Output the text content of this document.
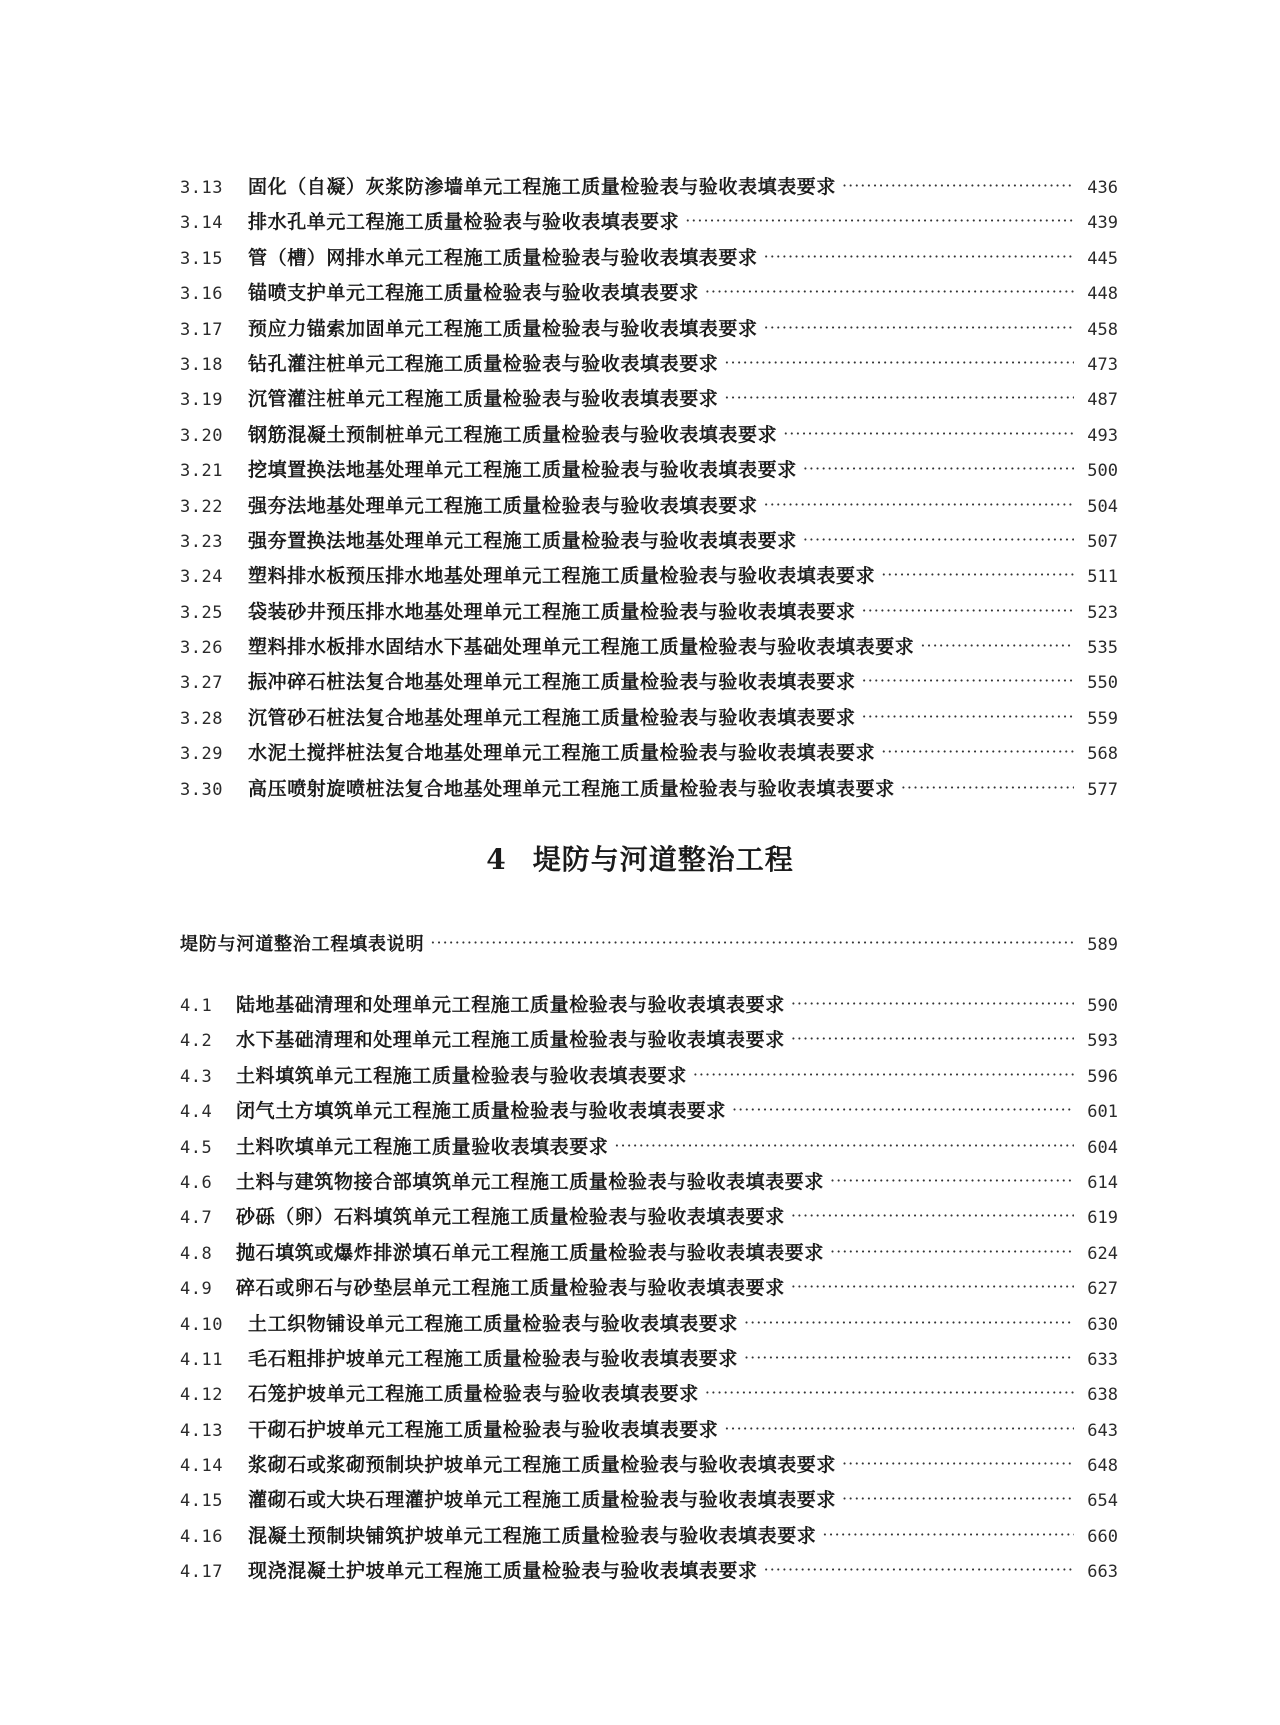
3.13	固化（自凝）灰浆防渗墙单元工程施工质量检验表与验收表填表要求 ·····	436
3.14	排水孔单元工程施工质量检验表与验收表填表要求 ·····	439
3.15	管（槽）网排水单元工程施工质量检验表与验收表填表要求 ·····	445
3.16	锚喷支护单元工程施工质量检验表与验收表填表要求 ·····	448
3.17	预应力锚索加固单元工程施工质量检验表与验收表填表要求 ·····	458
3.18	钻孔灌注桩单元工程施工质量检验表与验收表填表要求 ·····	473
3.19	沉管灌注桩单元工程施工质量检验表与验收表填表要求 ·····	487
3.20	钢筋混凝土预制桩单元工程施工质量检验表与验收表填表要求 ·····	493
3.21	挖填置换法地基处理单元工程施工质量检验表与验收表填表要求 ·····	500
3.22	强夯法地基处理单元工程施工质量检验表与验收表填表要求 ·····	504
3.23	强夯置换法地基处理单元工程施工质量检验表与验收表填表要求 ·····	507
3.24	塑料排水板预压排水地基处理单元工程施工质量检验表与验收表填表要求 ·····	511
3.25	袋装砂井预压排水地基处理单元工程施工质量检验表与验收表填表要求 ·····	523
3.26	塑料排水板排水固结水下基础处理单元工程施工质量检验表与验收表填表要求 ·····	535
3.27	振冲碎石桩法复合地基处理单元工程施工质量检验表与验收表填表要求 ·····	550
3.28	沉管砂石桩法复合地基处理单元工程施工质量检验表与验收表填表要求 ·····	559
3.29	水泥土搅拌桩法复合地基处理单元工程施工质量检验表与验收表填表要求 ·····	568
3.30	高压喷射旋喷桩法复合地基处理单元工程施工质量检验表与验收表填表要求 ·····	577
4 堤防与河道整治工程
堤防与河道整治工程填表说明 ·····	589
4.1	陆地基础清理和处理单元工程施工质量检验表与验收表填表要求 ·····	590
4.2	水下基础清理和处理单元工程施工质量检验表与验收表填表要求 ·····	593
4.3	土料填筑单元工程施工质量检验表与验收表填表要求 ·····	596
4.4	闭气土方填筑单元工程施工质量检验表与验收表填表要求 ·····	601
4.5	土料吹填单元工程施工质量验收表填表要求 ·····	604
4.6	土料与建筑物接合部填筑单元工程施工质量检验表与验收表填表要求 ·····	614
4.7	砂砾（卵）石料填筑单元工程施工质量检验表与验收表填表要求 ·····	619
4.8	抛石填筑或爆炸排淤填石单元工程施工质量检验表与验收表填表要求 ·····	624
4.9	碎石或卵石与砂垫层单元工程施工质量检验表与验收表填表要求 ·····	627
4.10	土工织物铺设单元工程施工质量检验表与验收表填表要求 ·····	630
4.11	毛石粗排护坡单元工程施工质量检验表与验收表填表要求 ·····	633
4.12	石笼护坡单元工程施工质量检验表与验收表填表要求 ·····	638
4.13	干砌石护坡单元工程施工质量检验表与验收表填表要求 ·····	643
4.14	浆砌石或浆砌预制块护坡单元工程施工质量检验表与验收表填表要求 ·····	648
4.15	灌砌石或大块石理灌护坡单元工程施工质量检验表与验收表填表要求 ·····	654
4.16	混凝土预制块铺筑护坡单元工程施工质量检验表与验收表填表要求 ·····	660
4.17	现浇混凝土护坡单元工程施工质量检验表与验收表填表要求 ·····	663
